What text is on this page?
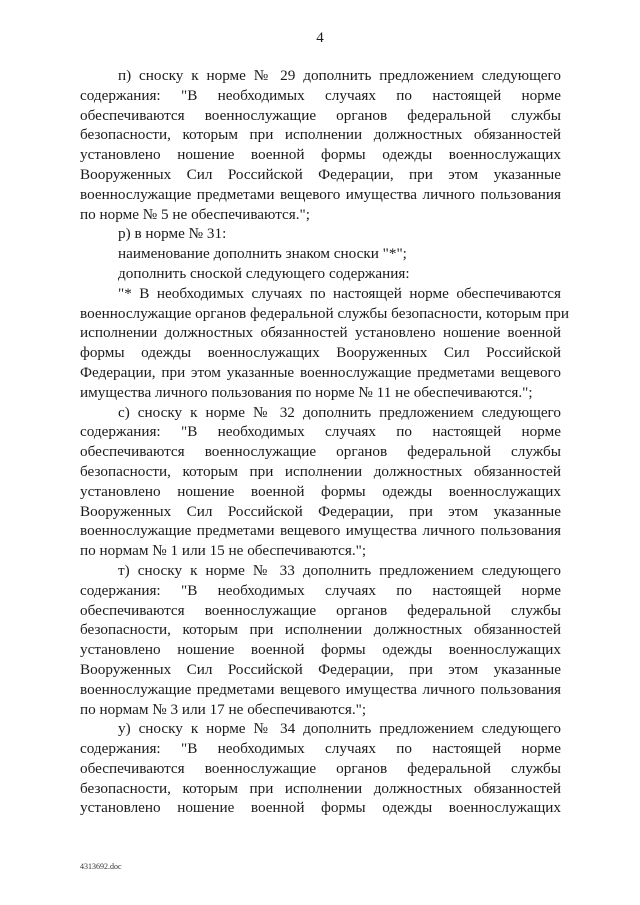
4
п) сноску к норме № 29 дополнить предложением следующего
содержания: "В необходимых случаях по настоящей норме
обеспечиваются военнослужащие органов федеральной службы
безопасности, которым при исполнении должностных обязанностей
установлено ношение военной формы одежды военнослужащих
Вооруженных Сил Российской Федерации, при этом указанные
военнослужащие предметами вещевого имущества личного пользования
по норме № 5 не обеспечиваются.";
р) в норме № 31:
наименование дополнить знаком сноски "*";
дополнить сноской следующего содержания:
"* В необходимых случаях по настоящей норме обеспечиваются
военнослужащие органов федеральной службы безопасности, которым при
исполнении должностных обязанностей установлено ношение военной
формы одежды военнослужащих Вооруженных Сил Российской
Федерации, при этом указанные военнослужащие предметами вещевого
имущества личного пользования по норме № 11 не обеспечиваются.";
с) сноску к норме № 32 дополнить предложением следующего
содержания: "В необходимых случаях по настоящей норме
обеспечиваются военнослужащие органов федеральной службы
безопасности, которым при исполнении должностных обязанностей
установлено ношение военной формы одежды военнослужащих
Вооруженных Сил Российской Федерации, при этом указанные
военнослужащие предметами вещевого имущества личного пользования
по нормам № 1 или 15 не обеспечиваются.";
т) сноску к норме № 33 дополнить предложением следующего
содержания: "В необходимых случаях по настоящей норме
обеспечиваются военнослужащие органов федеральной службы
безопасности, которым при исполнении должностных обязанностей
установлено ношение военной формы одежды военнослужащих
Вооруженных Сил Российской Федерации, при этом указанные
военнослужащие предметами вещевого имущества личного пользования
по нормам № 3 или 17 не обеспечиваются.";
у) сноску к норме № 34 дополнить предложением следующего
содержания: "В необходимых случаях по настоящей норме
обеспечиваются военнослужащие органов федеральной службы
безопасности, которым при исполнении должностных обязанностей
установлено ношение военной формы одежды военнослужащих
4313692.doc
